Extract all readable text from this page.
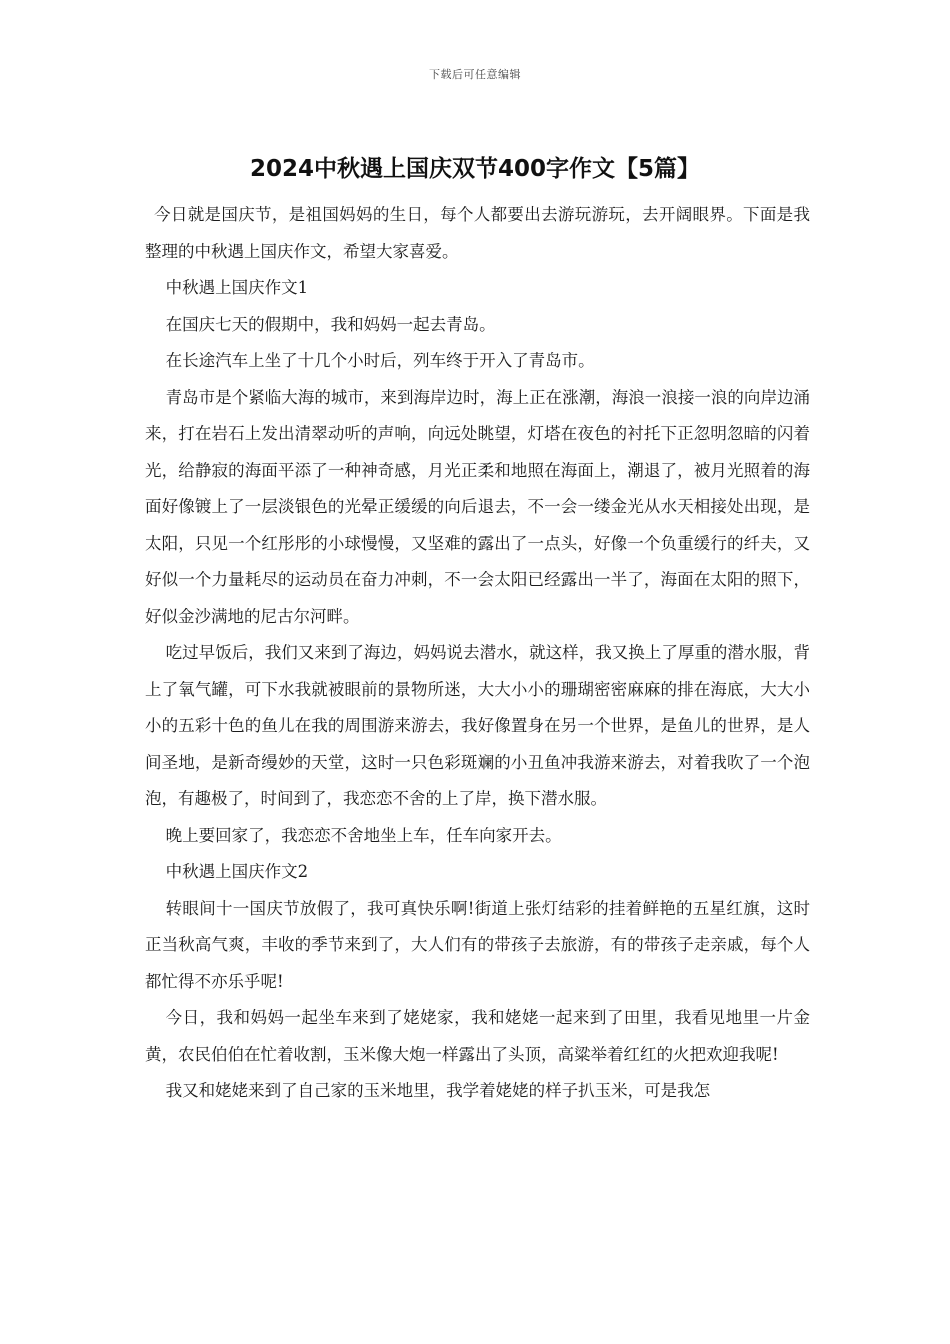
下载后可任意编辑
2024中秋遇上国庆双节400字作文【5篇】

今日就是国庆节，是祖国妈妈的生日，每个人都要出去游玩游玩，去开阔眼界。下面是我整理的中秋遇上国庆作文，希望大家喜爱。

中秋遇上国庆作文1

在国庆七天的假期中，我和妈妈一起去青岛。

在长途汽车上坐了十几个小时后，列车终于开入了青岛市。

青岛市是个紧临大海的城市，来到海岸边时，海上正在涨潮，海浪一浪接一浪的向岸边涌来，打在岩石上发出清翠动听的声响，向远处眺望，灯塔在夜色的衬托下正忽明忽暗的闪着光，给静寂的海面平添了一种神奇感，月光正柔和地照在海面上，潮退了，被月光照着的海面好像镀上了一层淡银色的光晕正缓缓的向后退去，不一会一缕金光从水天相接处出现，是太阳，只见一个红彤彤的小球慢慢，又坚难的露出了一点头，好像一个负重缓行的纤夫，又好似一个力量耗尽的运动员在奋力冲刺，不一会太阳已经露出一半了，海面在太阳的照下，好似金沙满地的尼古尔河畔。

吃过早饭后，我们又来到了海边，妈妈说去潜水，就这样，我又换上了厚重的潜水服，背上了氧气罐，可下水我就被眼前的景物所迷，大大小小的珊瑚密密麻麻的排在海底，大大小小的五彩十色的鱼儿在我的周围游来游去，我好像置身在另一个世界，是鱼儿的世界，是人间圣地，是新奇缦妙的天堂，这时一只色彩斑斓的小丑鱼冲我游来游去，对着我吹了一个泡泡，有趣极了，时间到了，我恋恋不舍的上了岸，换下潜水服。

晚上要回家了，我恋恋不舍地坐上车，任车向家开去。

中秋遇上国庆作文2

转眼间十一国庆节放假了，我可真快乐啊!街道上张灯结彩的挂着鲜艳的五星红旗，这时正当秋高气爽，丰收的季节来到了，大人们有的带孩子去旅游，有的带孩子走亲戚，每个人都忙得不亦乐乎呢!

今日，我和妈妈一起坐车来到了姥姥家，我和姥姥一起来到了田里，我看见地里一片金黄，农民伯伯在忙着收割，玉米像大炮一样露出了头顶，高粱举着红红的火把欢迎我呢!

我又和姥姥来到了自己家的玉米地里，我学着姥姥的样子扒玉米，可是我怎
